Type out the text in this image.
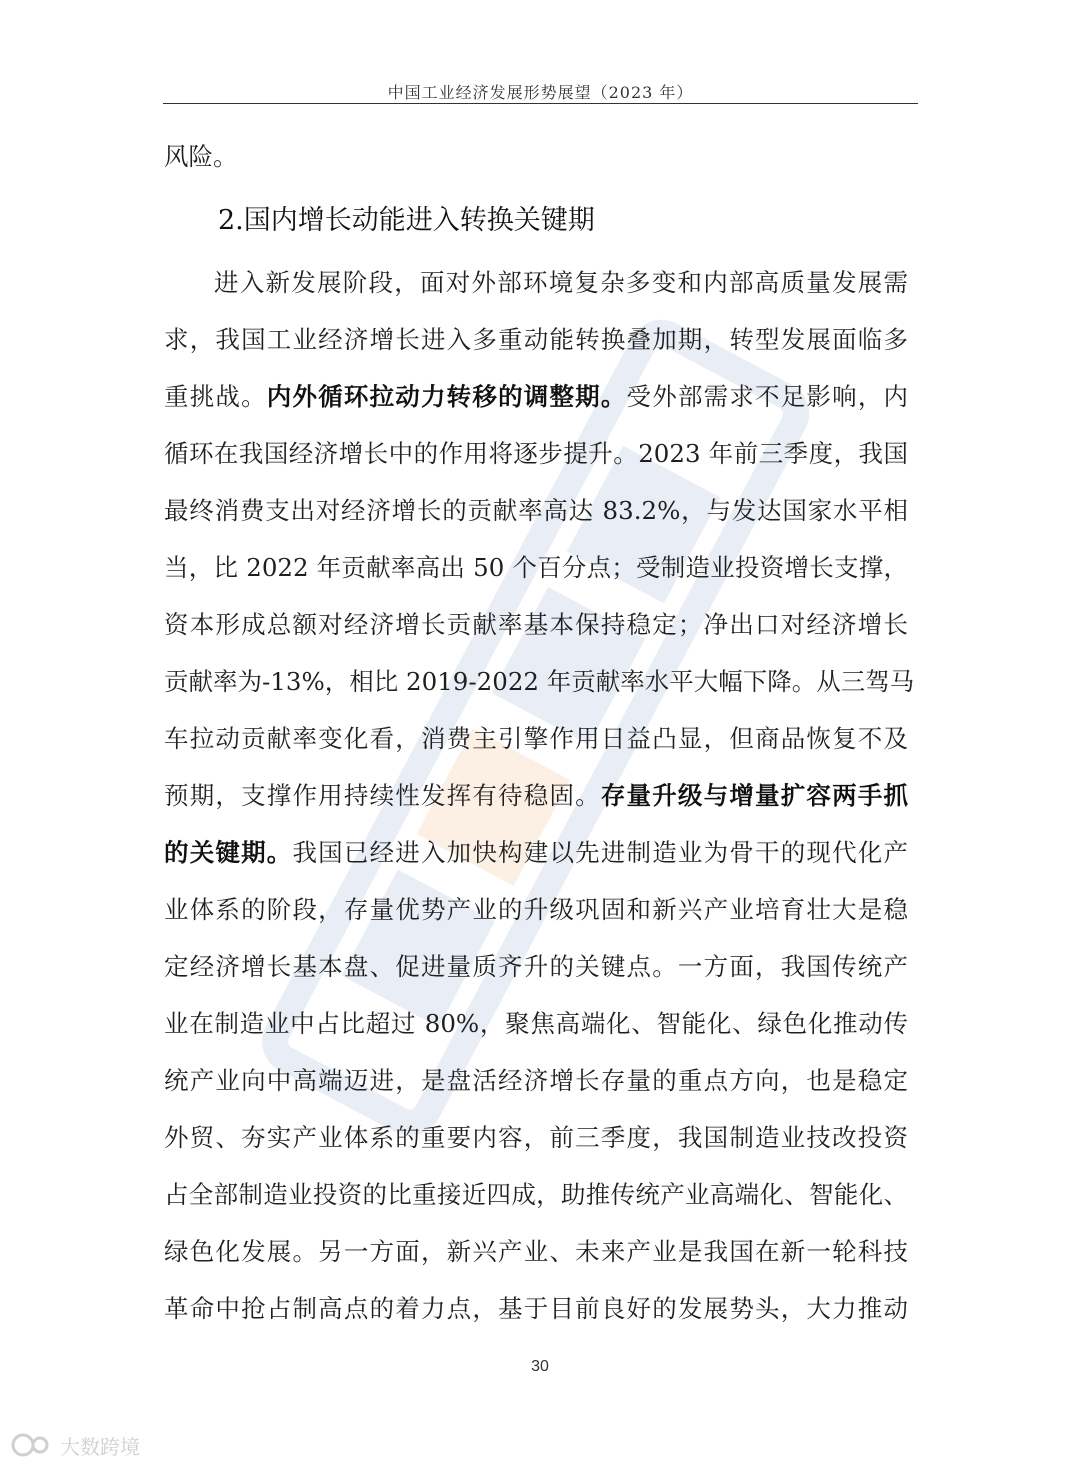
中国工业经济发展形势展望（2023 年）
风险。
2.国内增长动能进入转换关键期
进入新发展阶段，面对外部环境复杂多变和内部高质量发展需
求，我国工业经济增长进入多重动能转换叠加期，转型发展面临多
重挑战。内外循环拉动力转移的调整期。受外部需求不足影响，内
循环在我国经济增长中的作用将逐步提升。2023 年前三季度，我国
最终消费支出对经济增长的贡献率高达 83.2%，与发达国家水平相
当，比 2022 年贡献率高出 50 个百分点；受制造业投资增长支撑，
资本形成总额对经济增长贡献率基本保持稳定；净出口对经济增长
贡献率为-13%，相比 2019-2022 年贡献率水平大幅下降。从三驾马
车拉动贡献率变化看，消费主引擎作用日益凸显，但商品恢复不及
预期，支撑作用持续性发挥有待稳固。存量升级与增量扩容两手抓
的关键期。我国已经进入加快构建以先进制造业为骨干的现代化产
业体系的阶段，存量优势产业的升级巩固和新兴产业培育壮大是稳
定经济增长基本盘、促进量质齐升的关键点。一方面，我国传统产
业在制造业中占比超过 80%，聚焦高端化、智能化、绿色化推动传
统产业向中高端迈进，是盘活经济增长存量的重点方向，也是稳定
外贸、夯实产业体系的重要内容，前三季度，我国制造业技改投资
占全部制造业投资的比重接近四成，助推传统产业高端化、智能化、
绿色化发展。另一方面，新兴产业、未来产业是我国在新一轮科技
革命中抢占制高点的着力点，基于目前良好的发展势头，大力推动
30
大数跨境
